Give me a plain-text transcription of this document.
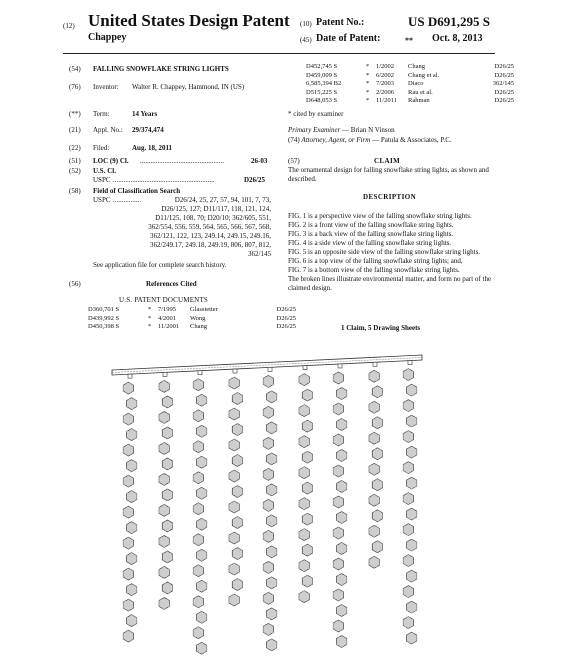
(12) United States Design Patent
Chappey
(10) Patent No.:	US D691,295 S
(45) Date of Patent:	** Oct. 8, 2013
(54) FALLING SNOWFLAKE STRING LIGHTS
(76) Inventor: Walter R. Chappey, Hammond, IN (US)
(**) Term:	14 Years
(21) Appl. No.: 29/374,474
(22) Filed:	Aug. 18, 2011
(51) LOC (9) Cl. ................................................	26-03
(52) U.S. Cl.
USPC ..........................................................	D26/25
(58) Field of Classification Search
USPC ................	D26/24, 25, 27, 57, 94, 101, 7, 73,
D26/125, 127; D11/117, 118, 121, 124,
D11/125, 108, 70; D20/10; 362/605, 551,
362/554, 556, 559, 564, 565, 566, 567, 568,
362/121, 122, 123, 249.14, 249.15, 249.16,
362/249.17, 249.18, 249.19, 806, 807, 812,
362/145
See application file for complete search history.
(56)	References Cited
U.S. PATENT DOCUMENTS
D360,701 S	*	7/1995	Glasstetter	D26/25
D439,992 S	*	4/2001	Wong	D26/25
D450,398 S	*	11/2001	Chang	D26/25
D452,745 S	*	1/2002	Chang	D26/25
D459,009 S	*	6/2002	Chang et al.	D26/25
6,585,394 B2	*	7/2003	Diaco	362/145
D515,225 S	*	2/2006	Rau et al.	D26/25
D648,053 S	*	11/2011	Rahman	D26/25
* cited by examiner
Primary Examiner — Brian N Vinson
(74) Attorney, Agent, or Firm — Patula & Associates, P.C.
(57)	CLAIM
The ornamental design for falling snowflake string lights, as shown and described.
DESCRIPTION
FIG. 1 is a perspective view of the falling snowflake string lights.
FIG. 2 is a front view of the falling snowflake string lights.
FIG. 3 is a back view of the falling snowflake string lights.
FIG. 4 is a side view of the falling snowflake string lights.
FIG. 5 is an opposite side view of the falling snowflake string lights.
FIG. 6 is a top view of the falling snowflake string lights; and,
FIG. 7 is a bottom view of the falling snowflake string lights.
The broken lines illustrate environmental matter, and form no part of the claimed design.
1 Claim, 5 Drawing Sheets
